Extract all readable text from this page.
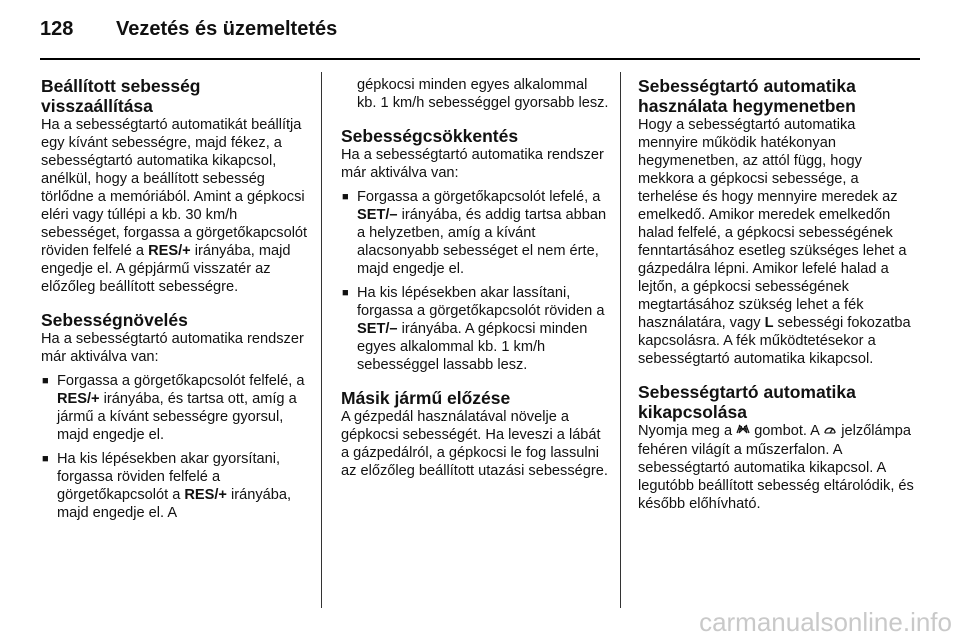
128	Vezetés és üzemeltetés
Beállított sebesség visszaállítása

Ha a sebességtartó automatikát beállítja egy kívánt sebességre, majd fékez, a sebességtartó automatika kikapcsol, anélkül, hogy a beállított sebesség törlődne a memóriából. Amint a gépkocsi eléri vagy túllépi a kb. 30 km/h sebességet, forgassa a görgetőkapcsolót röviden felfelé a RES/+ irányába, majd engedje el. A gépjármű visszatér az előzőleg beállított sebességre.

Sebességnövelés

Ha a sebességtartó automatika rendszer már aktiválva van:

■ Forgassa a görgetőkapcsolót felfelé, a RES/+ irányába, és tartsa ott, amíg a jármű a kívánt sebességre gyorsul, majd engedje el.
■ Ha kis lépésekben akar gyorsítani, forgassa röviden felfelé a görgetőkapcsolót a RES/+ irányába, majd engedje el. A

gépkocsi minden egyes alkalommal kb. 1 km/h sebességgel gyorsabb lesz.

Sebességcsökkentés

Ha a sebességtartó automatika rendszer már aktiválva van:

■ Forgassa a görgetőkapcsolót lefelé, a SET/– irányába, és addig tartsa abban a helyzetben, amíg a kívánt alacsonyabb sebességet el nem érte, majd engedje el.
■ Ha kis lépésekben akar lassítani, forgassa a görgetőkapcsolót röviden a SET/– irányába. A gépkocsi minden egyes alkalommal kb. 1 km/h sebességgel lassabb lesz.
Másik jármű előzése

A gézpedál használatával növelje a gépkocsi sebességét. Ha leveszi a lábát a gázpedálról, a gépkocsi le fog lassulni az előzőleg beállított utazási sebességre.

Sebességtartó automatika használata hegymenetben

Hogy a sebességtartó automatika mennyire működik hatékonyan hegymenetben, az attól függ, hogy mekkora a gépkocsi sebessége, a terhelése és hogy mennyire meredek az emelkedő. Amikor meredek emelkedőn halad felfelé, a gépkocsi sebességének fenntartásához esetleg szükséges lehet a gázpedálra lépni. Amikor lefelé halad a lejtőn, a gépkocsi sebességének megtartásához szükség lehet a fék használatára, vagy L sebességi fokozatba kapcsolásra. A fék működtetésekor a sebességtartó automatika kikapcsol.

Sebességtartó automatika kikapcsolása

Nyomja meg a  gombot. A  jelzőlámpa fehéren világít a műszerfalon. A sebességtartó automatika kikapcsol. A legutóbb beállított sebesség eltárolódik, és később előhívható.

carmanualsonline.info
